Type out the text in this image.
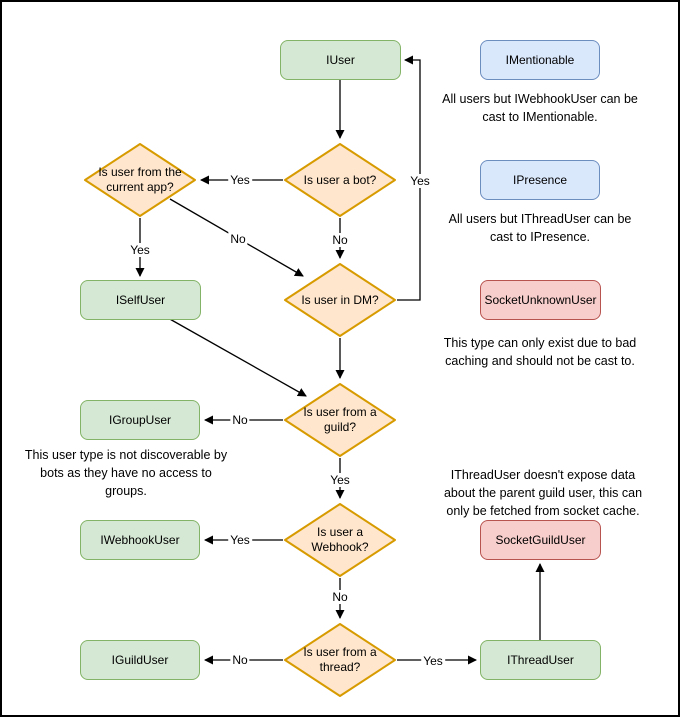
IUser	IMentionable
Is user a bot?
Is user from the current app?
IPresence
ISelfUser	Is user in DM?	SocketUnknownUser
IGroupUser
Is user from a guild?
IWebhookUser
Is user a Webhook?
SocketGuildUser
IGuildUser
Is user from a thread?
IThreadUser
All users but IWebhookUser can be
cast to IMentionable.
All users but IThreadUser can be
cast to IPresence.
This type can only exist due to bad
caching and should not be cast to.
This user type is not discoverable by
bots as they have no access to
groups.
IThreadUser doesn't expose data
about the parent guild user, this can
only be fetched from socket cache.
Yes
No
No
Yes
Yes
No
Yes
Yes
No
No	Yes
